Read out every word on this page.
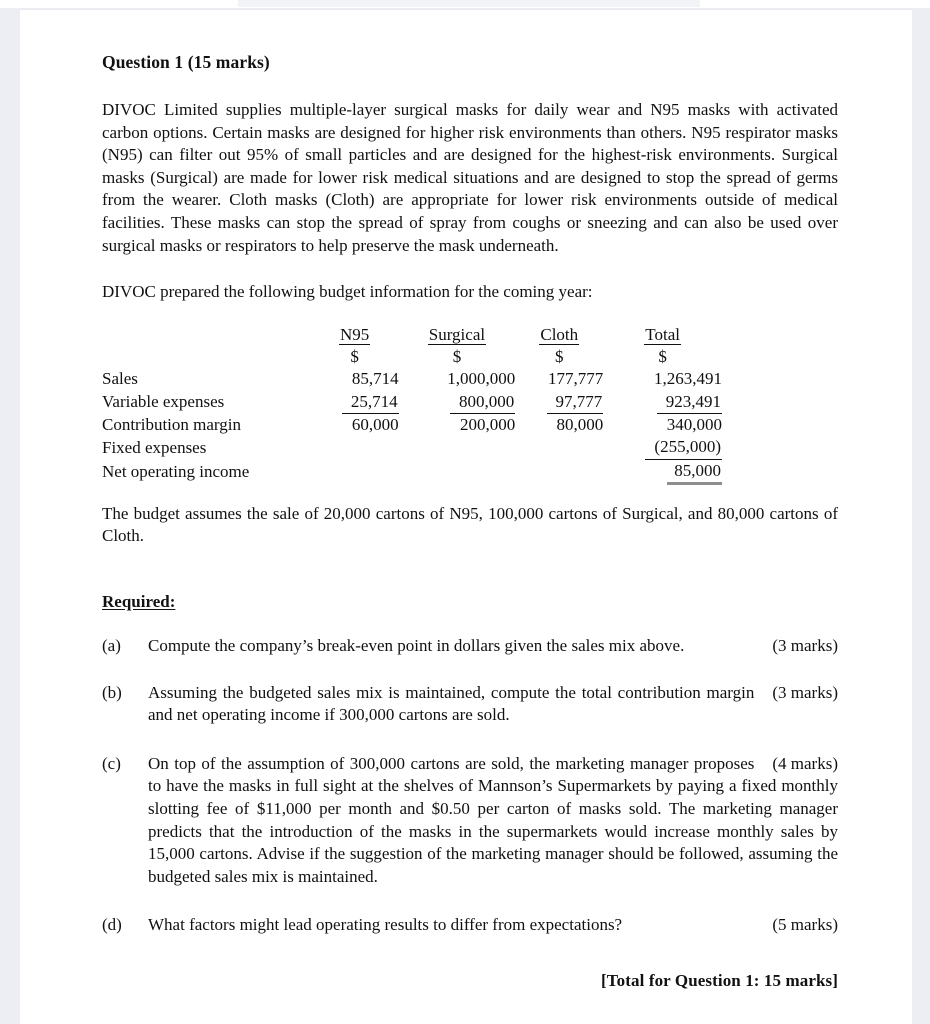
Question 1 (15 marks)

DIVOC Limited supplies multiple-layer surgical masks for daily wear and N95 masks with activated carbon options. Certain masks are designed for higher risk environments than others. N95 respirator masks (N95) can filter out 95% of small particles and are designed for the highest-risk environments. Surgical masks (Surgical) are made for lower risk medical situations and are designed to stop the spread of germs from the wearer. Cloth masks (Cloth) are appropriate for lower risk environments outside of medical facilities. These masks can stop the spread of spray from coughs or sneezing and can also be used over surgical masks or respirators to help preserve the mask underneath.

DIVOC prepared the following budget information for the coming year:

	N95	Surgical	Cloth	Total
	$	$	$	$
Sales	85,714	1,000,000	177,777	1,263,491
Variable expenses	25,714	800,000	97,777	923,491
Contribution margin	60,000	200,000	80,000	340,000
Fixed expenses				(255,000)
Net operating income				85,000

The budget assumes the sale of 20,000 cartons of N95, 100,000 cartons of Surgical, and 80,000 cartons of Cloth.

Required:
(a)	(3 marks)
Compute the company’s break-even point in dollars given the sales mix above.
(b)	(3 marks)
Assuming the budgeted sales mix is maintained, compute the total contribution margin and net operating income if 300,000 cartons are sold.
(c)	(4 marks)
On top of the assumption of 300,000 cartons are sold, the marketing manager proposes to have the masks in full sight at the shelves of Mannson’s Supermarkets by paying a fixed monthly slotting fee of $11,000 per month and $0.50 per carton of masks sold. The marketing manager predicts that the introduction of the masks in the supermarkets would increase monthly sales by 15,000 cartons. Advise if the suggestion of the marketing manager should be followed, assuming the budgeted sales mix is maintained.
(d)	(5 marks)
What factors might lead operating results to differ from expectations?
[Total for Question 1: 15 marks]
